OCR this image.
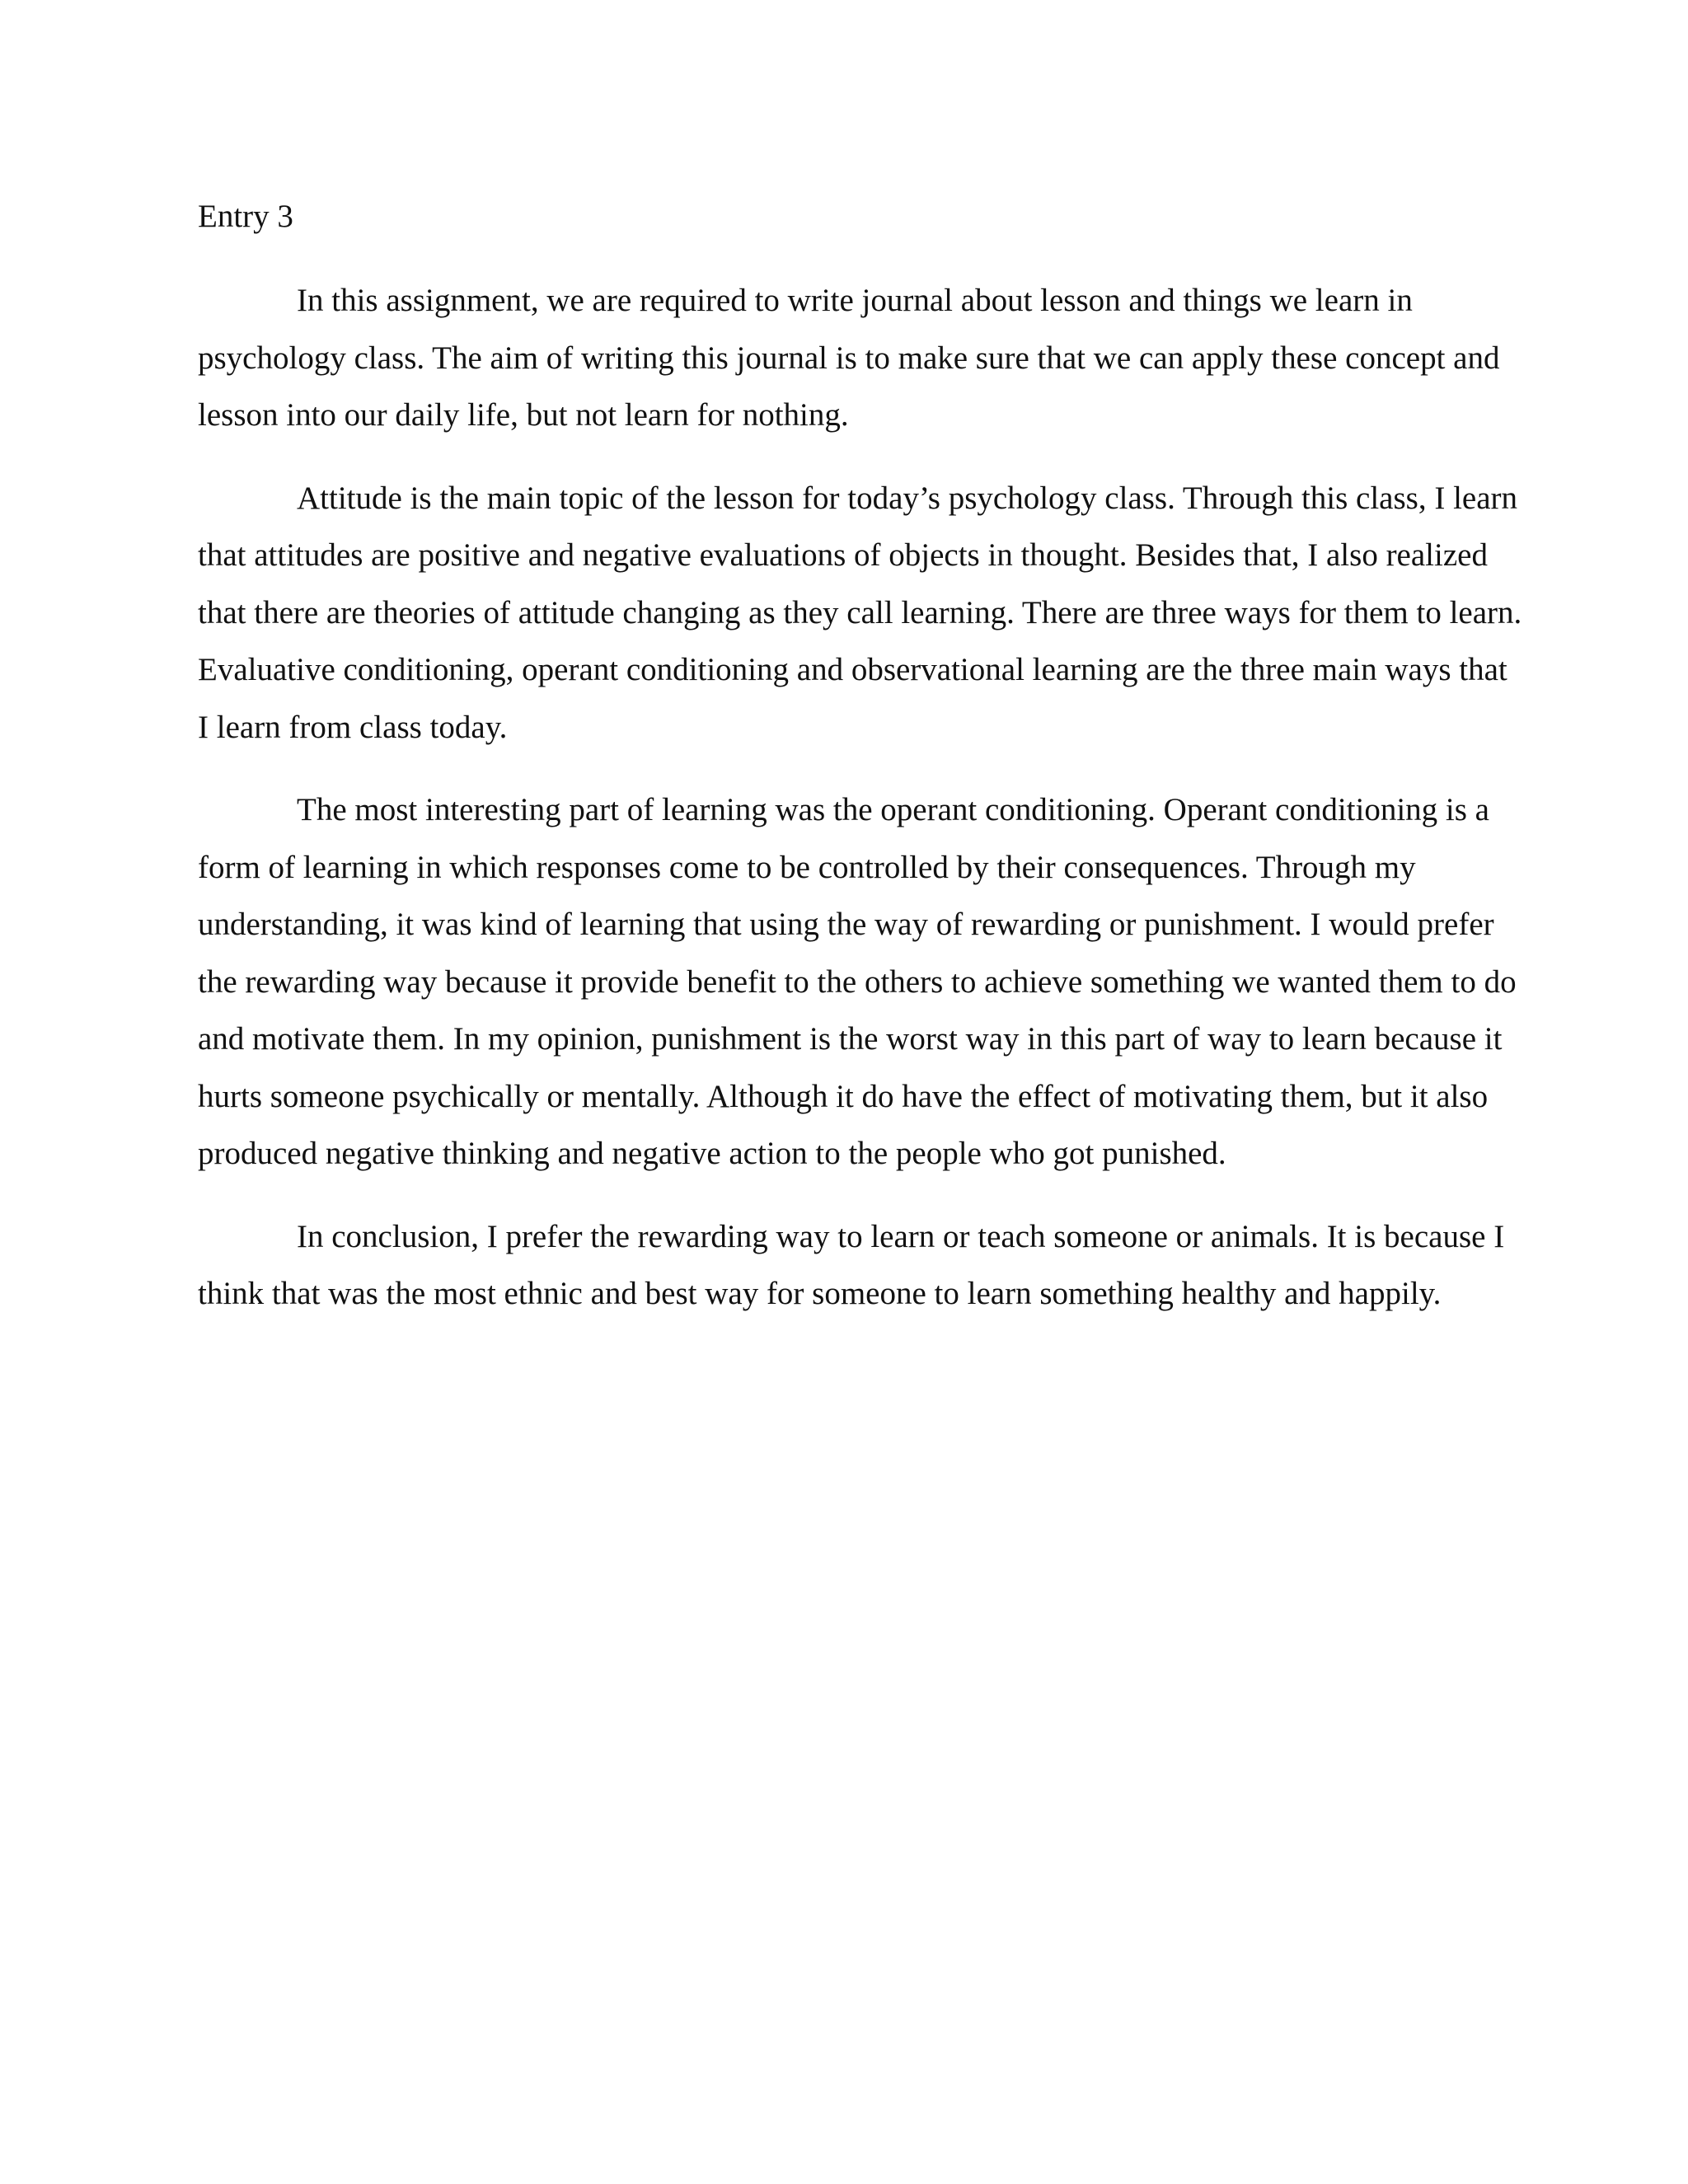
Entry 3

In this assignment, we are required to write journal about lesson and things we learn in psychology class. The aim of writing this journal is to make sure that we can apply these concept and lesson into our daily life, but not learn for nothing.

Attitude is the main topic of the lesson for today’s psychology class. Through this class, I learn that attitudes are positive and negative evaluations of objects in thought. Besides that, I also realized that there are theories of attitude changing as they call learning. There are three ways for them to learn. Evaluative conditioning, operant conditioning and observational learning are the three main ways that I learn from class today.

The most interesting part of learning was the operant conditioning. Operant conditioning is a form of learning in which responses come to be controlled by their consequences. Through my understanding, it was kind of learning that using the way of rewarding or punishment. I would prefer the rewarding way because it provide benefit to the others to achieve something we wanted them to do and motivate them. In my opinion, punishment is the worst way in this part of way to learn because it hurts someone psychically or mentally. Although it do have the effect of motivating them, but it also produced negative thinking and negative action to the people who got punished.

In conclusion, I prefer the rewarding way to learn or teach someone or animals. It is because I think that was the most ethnic and best way for someone to learn something healthy and happily.
